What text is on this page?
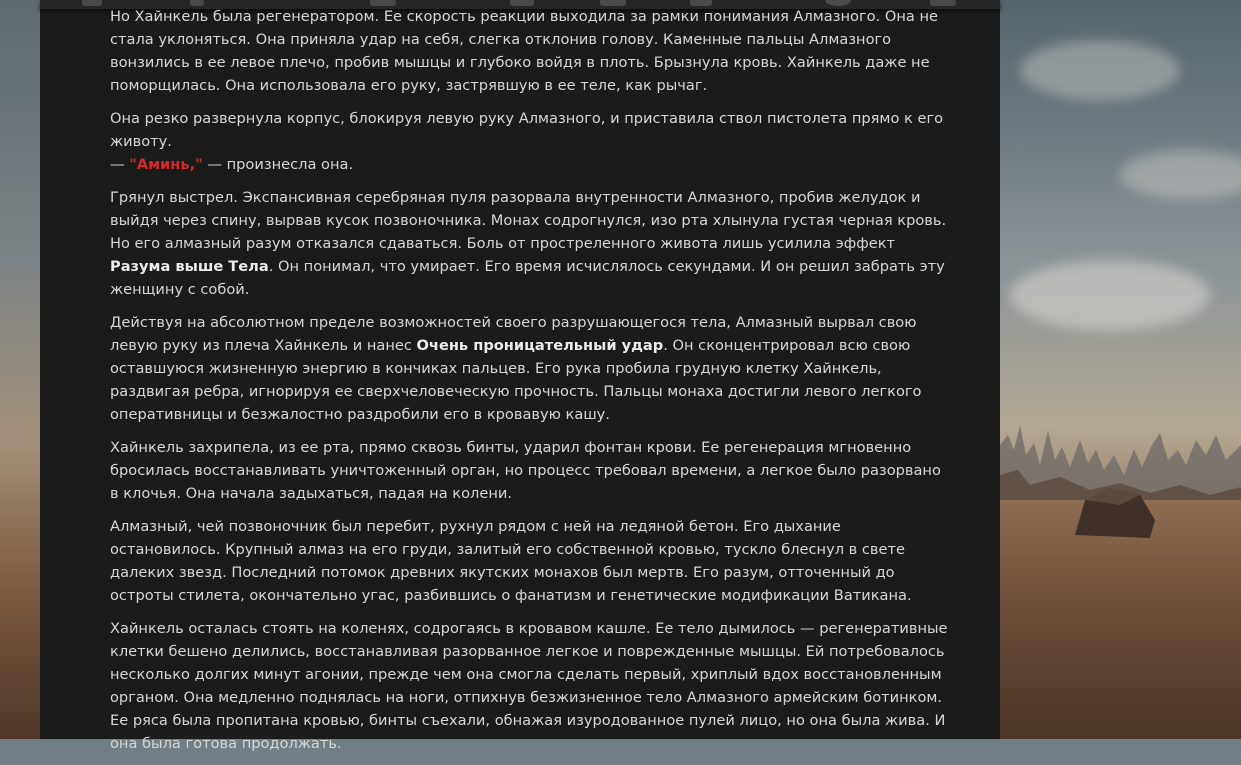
Но Хайнкель была регенератором. Ее скорость реакции выходила за рамки понимания Алмазного. Она не стала уклоняться. Она приняла удар на себя, слегка отклонив голову. Каменные пальцы Алмазного вонзились в ее левое плечо, пробив мышцы и глубоко войдя в плоть. Брызнула кровь. Хайнкель даже не поморщилась. Она использовала его руку, застрявшую в ее теле, как рычаг.

Она резко развернула корпус, блокируя левую руку Алмазного, и приставила ствол пистолета прямо к его животу.
— "Аминь," — произнесла она.

Грянул выстрел. Экспансивная серебряная пуля разорвала внутренности Алмазного, пробив желудок и выйдя через спину, вырвав кусок позвоночника. Монах содрогнулся, изо рта хлынула густая черная кровь. Но его алмазный разум отказался сдаваться. Боль от простреленного живота лишь усилила эффект Разума выше Тела. Он понимал, что умирает. Его время исчислялось секундами. И он решил забрать эту женщину с собой.

Действуя на абсолютном пределе возможностей своего разрушающегося тела, Алмазный вырвал свою левую руку из плеча Хайнкель и нанес Очень проницательный удар. Он сконцентрировал всю свою оставшуюся жизненную энергию в кончиках пальцев. Его рука пробила грудную клетку Хайнкель, раздвигая ребра, игнорируя ее сверхчеловеческую прочность. Пальцы монаха достигли левого легкого оперативницы и безжалостно раздробили его в кровавую кашу.

Хайнкель захрипела, из ее рта, прямо сквозь бинты, ударил фонтан крови. Ее регенерация мгновенно бросилась восстанавливать уничтоженный орган, но процесс требовал времени, а легкое было разорвано в клочья. Она начала задыхаться, падая на колени.

Алмазный, чей позвоночник был перебит, рухнул рядом с ней на ледяной бетон. Его дыхание остановилось. Крупный алмаз на его груди, залитый его собственной кровью, тускло блеснул в свете далеких звезд. Последний потомок древних якутских монахов был мертв. Его разум, отточенный до остроты стилета, окончательно угас, разбившись о фанатизм и генетические модификации Ватикана.

Хайнкель осталась стоять на коленях, содрогаясь в кровавом кашле. Ее тело дымилось — регенеративные клетки бешено делились, восстанавливая разорванное легкое и поврежденные мышцы. Ей потребовалось несколько долгих минут агонии, прежде чем она смогла сделать первый, хриплый вдох восстановленным органом. Она медленно поднялась на ноги, отпихнув безжизненное тело Алмазного армейским ботинком. Ее ряса была пропитана кровью, бинты съехали, обнажая изуродованное пулей лицо, но она была жива. И она была готова продолжать.
